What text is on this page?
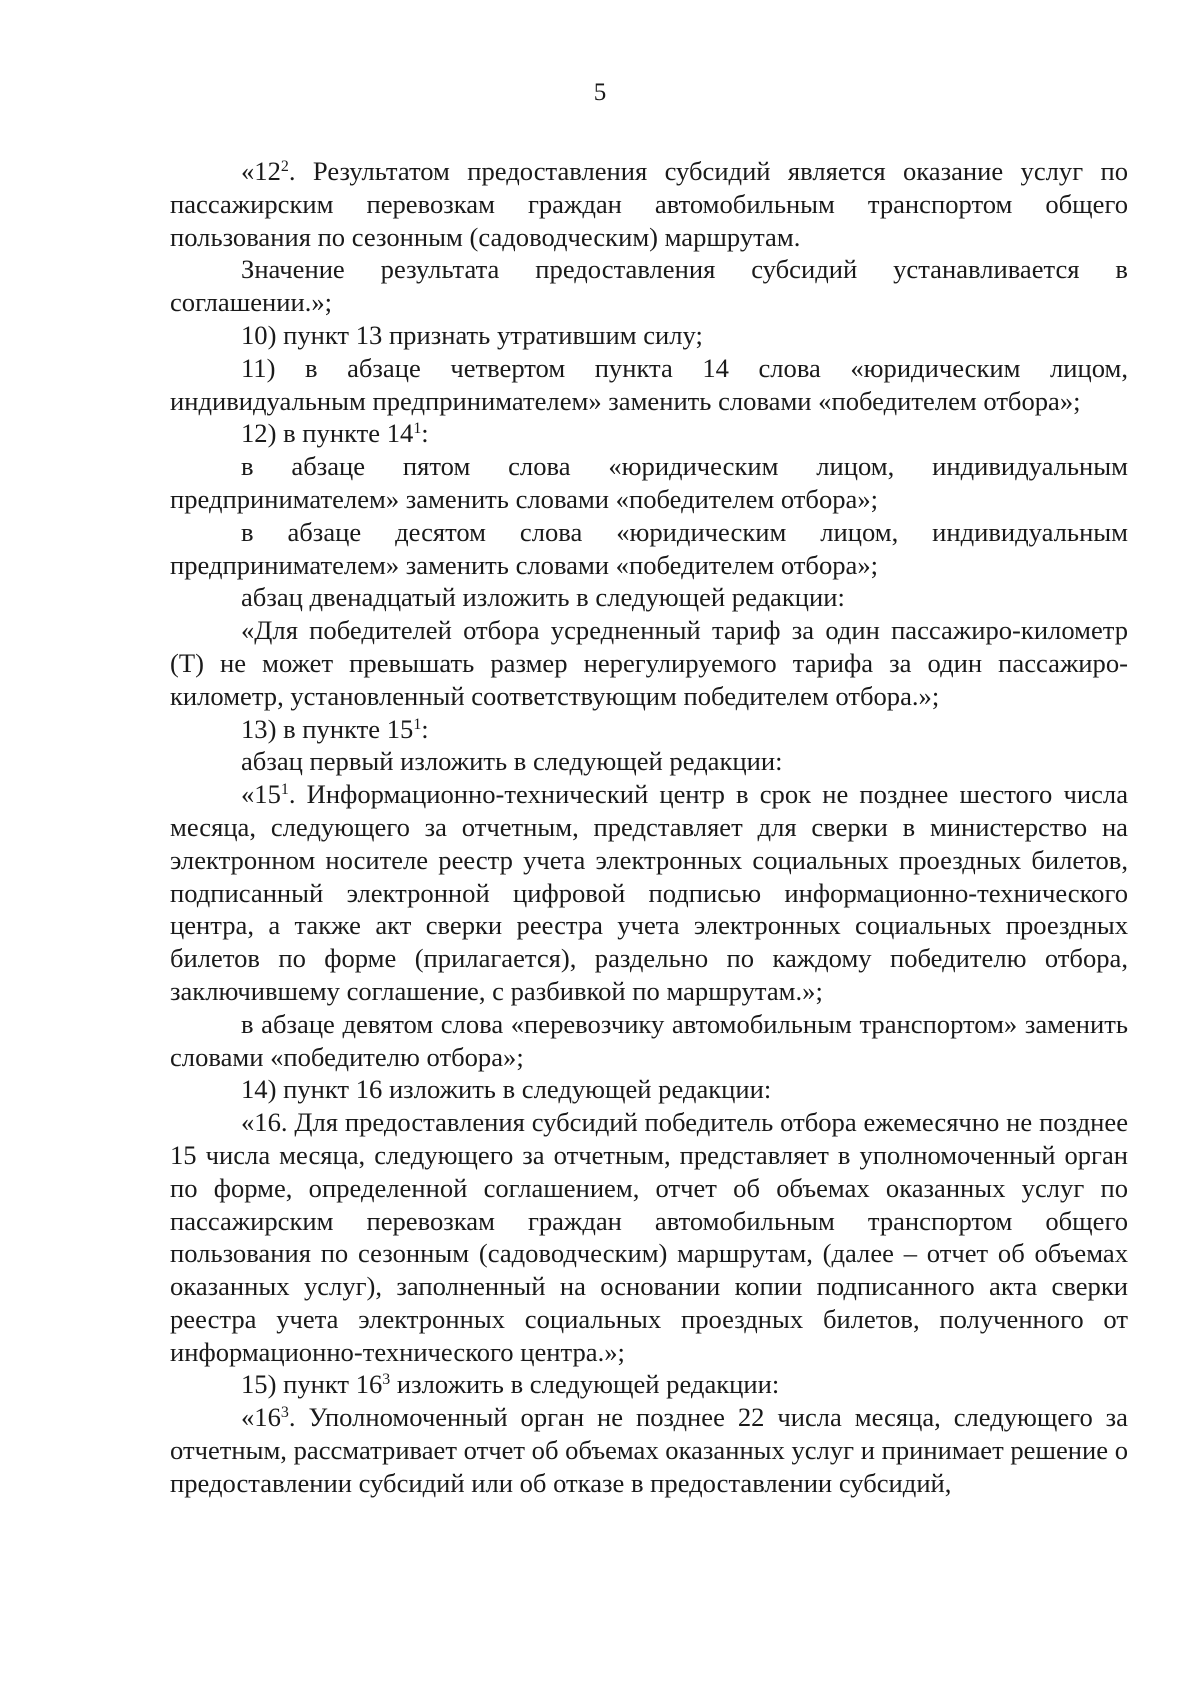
5

«$12^2$. Результатом предоставления субсидий является оказание услуг по пассажирским перевозкам граждан автомобильным транспортом общего пользования по сезонным (садоводческим) маршрутам.

Значение результата предоставления субсидий устанавливается в соглашении.»;

10) пункт 13 признать утратившим силу;

11) в абзаце четвертом пункта 14 слова «юридическим лицом, индивидуальным предпринимателем» заменить словами «победителем отбора»;

12) в пункте $14^1$:

в абзаце пятом слова «юридическим лицом, индивидуальным предпринимателем» заменить словами «победителем отбора»;

в абзаце десятом слова «юридическим лицом, индивидуальным предпринимателем» заменить словами «победителем отбора»;

абзац двенадцатый изложить в следующей редакции:

«Для победителей отбора усредненный тариф за один пассажиро-километр (Т) не может превышать размер нерегулируемого тарифа за один пассажиро-километр, установленный соответствующим победителем отбора.»;

13) в пункте $15^1$:

абзац первый изложить в следующей редакции:

«$15^1$. Информационно-технический центр в срок не позднее шестого числа месяца, следующего за отчетным, представляет для сверки в министерство на электронном носителе реестр учета электронных социальных проездных билетов, подписанный электронной цифровой подписью информационно-технического центра, а также акт сверки реестра учета электронных социальных проездных билетов по форме (прилагается), раздельно по каждому победителю отбора, заключившему соглашение, с разбивкой по маршрутам.»;

в абзаце девятом слова «перевозчику автомобильным транспортом» заменить словами «победителю отбора»;

14) пункт 16 изложить в следующей редакции:

«16. Для предоставления субсидий победитель отбора ежемесячно не позднее 15 числа месяца, следующего за отчетным, представляет в уполномоченный орган по форме, определенной соглашением, отчет об объемах оказанных услуг по пассажирским перевозкам граждан автомобильным транспортом общего пользования по сезонным (садоводческим) маршрутам, (далее – отчет об объемах оказанных услуг), заполненный на основании копии подписанного акта сверки реестра учета электронных социальных проездных билетов, полученного от информационно-технического центра.»;

15) пункт $16^3$ изложить в следующей редакции:

«$16^3$. Уполномоченный орган не позднее 22 числа месяца, следующего за отчетным, рассматривает отчет об объемах оказанных услуг и принимает решение о предоставлении субсидий или об отказе в предоставлении субсидий,
